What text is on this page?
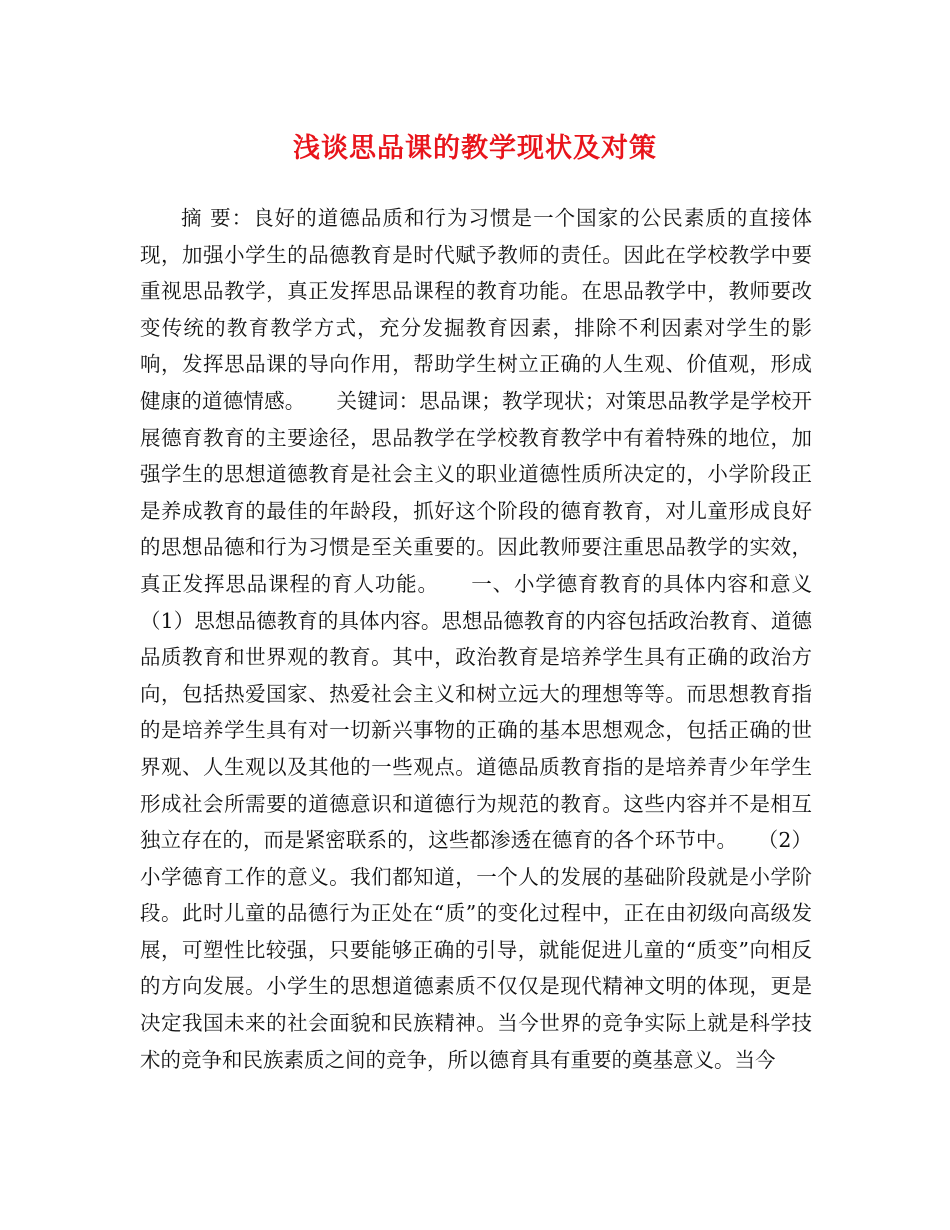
浅谈思品课的教学现状及对策

摘 要：良好的道德品质和行为习惯是一个国家的公民素质的直接体现，加强小学生的品德教育是时代赋予教师的责任。因此在学校教学中要重视思品教学，真正发挥思品课程的教育功能。在思品教学中，教师要改变传统的教育教学方式，充分发掘教育因素，排除不利因素对学生的影响，发挥思品课的导向作用，帮助学生树立正确的人生观、价值观，形成健康的道德情感。　　关键词：思品课；教学现状；对策思品教学是学校开展德育教育的主要途径，思品教学在学校教育教学中有着特殊的地位，加强学生的思想道德教育是社会主义的职业道德性质所决定的，小学阶段正是养成教育的最佳的年龄段，抓好这个阶段的德育教育，对儿童形成良好的思想品德和行为习惯是至关重要的。因此教师要注重思品教学的实效，真正发挥思品课程的育人功能。　　一、小学德育教育的具体内容和意义　　（1）思想品德教育的具体内容。思想品德教育的内容包括政治教育、道德品质教育和世界观的教育。其中，政治教育是培养学生具有正确的政治方向，包括热爱国家、热爱社会主义和树立远大的理想等等。而思想教育指的是培养学生具有对一切新兴事物的正确的基本思想观念，包括正确的世界观、人生观以及其他的一些观点。道德品质教育指的是培养青少年学生形成社会所需要的道德意识和道德行为规范的教育。这些内容并不是相互独立存在的，而是紧密联系的，这些都渗透在德育的各个环节中。　　（2）小学德育工作的意义。我们都知道，一个人的发展的基础阶段就是小学阶段。此时儿童的品德行为正处在“质”的变化过程中，正在由初级向高级发展，可塑性比较强，只要能够正确的引导，就能促进儿童的“质变”向相反的方向发展。小学生的思想道德素质不仅仅是现代精神文明的体现，更是决定我国未来的社会面貌和民族精神。当今世界的竞争实际上就是科学技术的竞争和民族素质之间的竞争，所以德育具有重要的奠基意义。当今
